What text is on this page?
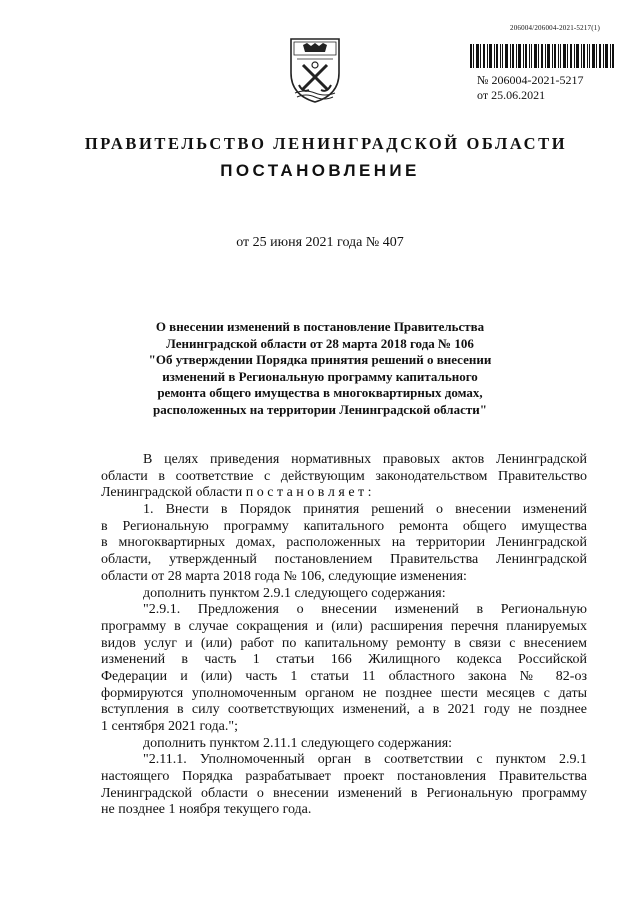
206004/206004-2021-5217(1)

№ 206004-2021-5217

от 25.06.2021

ПРАВИТЕЛЬСТВО ЛЕНИНГРАДСКОЙ ОБЛАСТИ
ПОСТАНОВЛЕНИЕ

от 25 июня 2021 года № 407

О внесении изменений в постановление Правительства
Ленинградской области от 28 марта 2018 года № 106
"Об утверждении Порядка принятия решений о внесении
изменений в Региональную программу капитального
ремонта общего имущества в многоквартирных домах,
расположенных на территории Ленинградской области"
В целях приведения нормативных правовых актов Ленинградской
области в соответствие с действующим законодательством Правительство
Ленинградской области п о с т а н о в л я е т :
1. Внести в Порядок принятия решений о внесении изменений
в Региональную программу капитального ремонта общего имущества
в многоквартирных домах, расположенных на территории Ленинградской
области, утвержденный постановлением Правительства Ленинградской
области от 28 марта 2018 года № 106, следующие изменения:
дополнить пунктом 2.9.1 следующего содержания:
"2.9.1. Предложения о внесении изменений в Региональную
программу в случае сокращения и (или) расширения перечня планируемых
видов услуг и (или) работ по капитальному ремонту в связи с внесением
изменений в часть 1 статьи 166 Жилищного кодекса Российской
Федерации и (или) часть 1 статьи 11 областного закона № 82-оз
формируются уполномоченным органом не позднее шести месяцев с даты
вступления в силу соответствующих изменений, а в 2021 году не позднее
1 сентября 2021 года.";
дополнить пунктом 2.11.1 следующего содержания:
"2.11.1. Уполномоченный орган в соответствии с пунктом 2.9.1
настоящего Порядка разрабатывает проект постановления Правительства
Ленинградской области о внесении изменений в Региональную программу
не позднее 1 ноября текущего года.
